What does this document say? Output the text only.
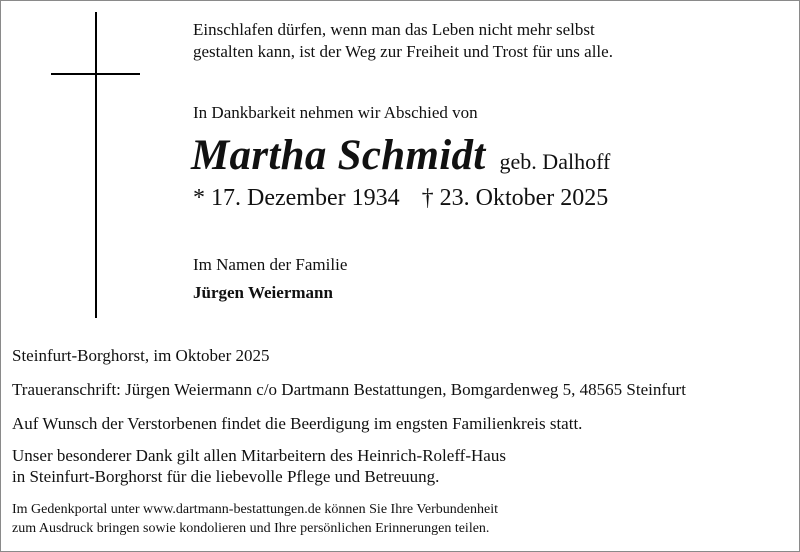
Einschlafen dürfen, wenn man das Leben nicht mehr selbst
gestalten kann, ist der Weg zur Freiheit und Trost für uns alle.
In Dankbarkeit nehmen wir Abschied von
Martha Schmidt geb. Dalhoff
* 17. Dezember 1934 † 23. Oktober 2025
Im Namen der Familie
Jürgen Weiermann
Steinfurt-Borghorst, im Oktober 2025
Traueranschrift: Jürgen Weiermann c/o Dartmann Bestattungen, Bomgardenweg 5, 48565 Steinfurt
Auf Wunsch der Verstorbenen findet die Beerdigung im engsten Familienkreis statt.
Unser besonderer Dank gilt allen Mitarbeitern des Heinrich-Roleff-Haus
in Steinfurt-Borghorst für die liebevolle Pflege und Betreuung.
Im Gedenkportal unter www.dartmann-bestattungen.de können Sie Ihre Verbundenheit
zum Ausdruck bringen sowie kondolieren und Ihre persönlichen Erinnerungen teilen.
